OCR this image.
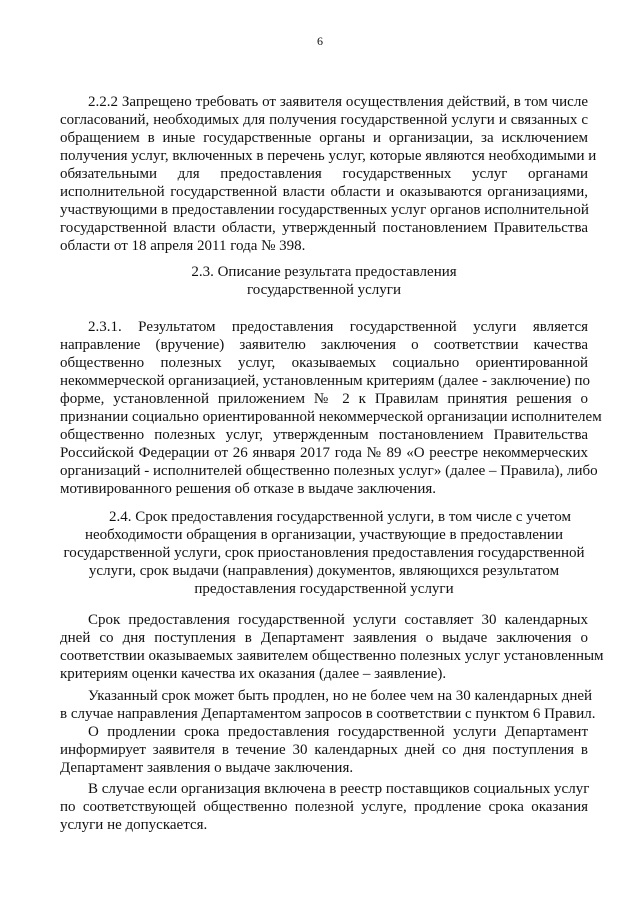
6
2.2.2 Запрещено требовать от заявителя осуществления действий, в том числе
согласований, необходимых для получения государственной услуги и связанных с
обращением в иные государственные органы и организации, за исключением
получения услуг, включенных в перечень услуг, которые являются необходимыми и
обязательными для предоставления государственных услуг органами
исполнительной государственной власти области и оказываются организациями,
участвующими в предоставлении государственных услуг органов исполнительной
государственной власти области, утвержденный постановлением Правительства
области от 18 апреля 2011 года № 398.
2.3. Описание результата предоставления
государственной услуги
2.3.1. Результатом предоставления государственной услуги является
направление (вручение) заявителю заключения о соответствии качества
общественно полезных услуг, оказываемых социально ориентированной
некоммерческой организацией, установленным критериям (далее - заключение) по
форме, установленной приложением № 2 к Правилам принятия решения о
признании социально ориентированной некоммерческой организации исполнителем
общественно полезных услуг, утвержденным постановлением Правительства
Российской Федерации от 26 января 2017 года № 89 «О реестре некоммерческих
организаций - исполнителей общественно полезных услуг» (далее – Правила), либо
мотивированного решения об отказе в выдаче заключения.
2.4. Срок предоставления государственной услуги, в том числе с учетом
необходимости обращения в организации, участвующие в предоставлении
государственной услуги, срок приостановления предоставления государственной
услуги, срок выдачи (направления) документов, являющихся результатом
предоставления государственной услуги
Срок предоставления государственной услуги составляет 30 календарных
дней со дня поступления в Департамент заявления о выдаче заключения о
соответствии оказываемых заявителем общественно полезных услуг установленным
критериям оценки качества их оказания (далее – заявление).
Указанный срок может быть продлен, но не более чем на 30 календарных дней
в случае направления Департаментом запросов в соответствии с пунктом 6 Правил.
О продлении срока предоставления государственной услуги Департамент
информирует заявителя в течение 30 календарных дней со дня поступления в
Департамент заявления о выдаче заключения.
В случае если организация включена в реестр поставщиков социальных услуг
по соответствующей общественно полезной услуге, продление срока оказания
услуги не допускается.
